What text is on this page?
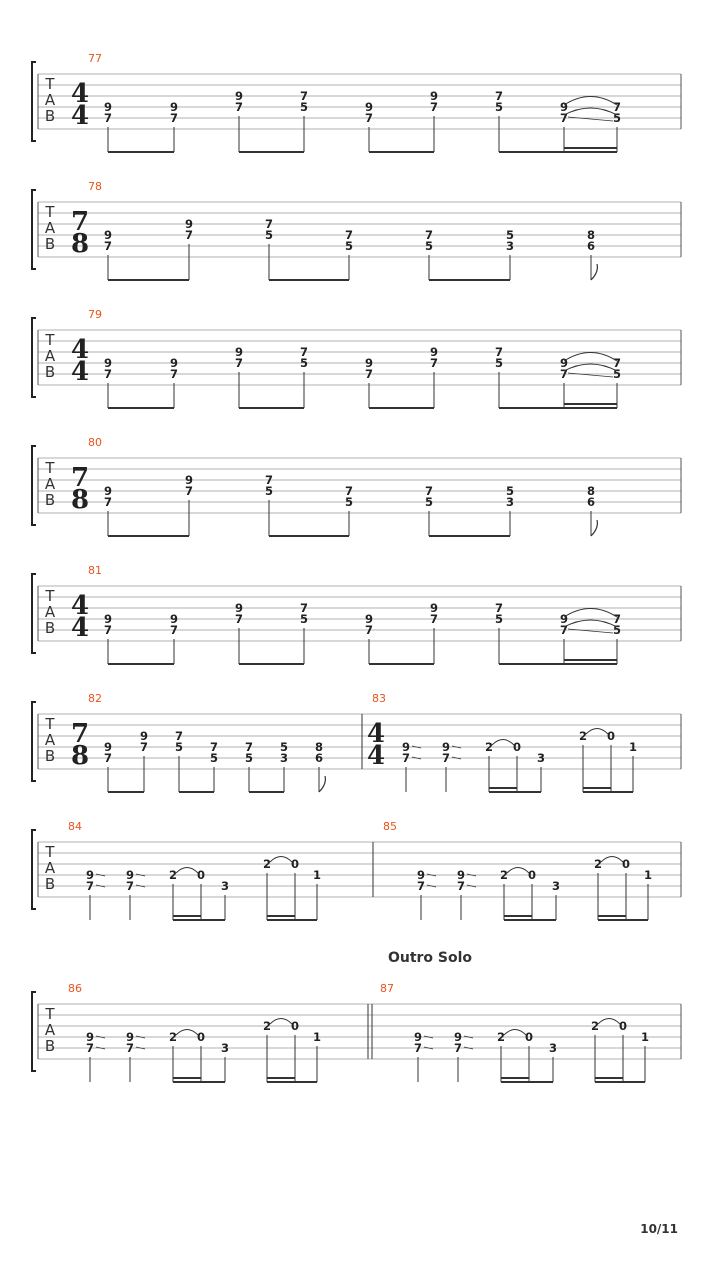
T
A
B
77
4
4 9
7
9
7
9
7
7
5	9
7
9
7
7
5	9
7
7
5
T
A
B
78
7
8 9
7
9
7
7
5	7
5
7
5
5
3
8
6
T
A
B
79
4
4 9
7
9
7
9
7
7
5	9
7
9
7
7
5	9
7
7
5
T
A
B
80
7
8 9
7
9
7
7
5	7
5
7
5
5
3
8
6
T
A
B
81
4
4 9
7
9
7
9
7
7
5	9
7
9
7
7
5	9
7
7
5
T
A
B
82	83
7
8 9
7
9
7
7
5 7
5
7
5
5
3
8
6
4
4 9
7
9
7
2 0
3
2 0
1
T
A
B
84	85
9
7
9
7
2 0
3
2 0
1	9
7
9
7
2 0
3
2 0
1
T
A
B
86	87
9
7
9
7
2 0
3
2 0
1	9
7
9
7
2 0
3
2 0
1
Outro Solo
10/11
